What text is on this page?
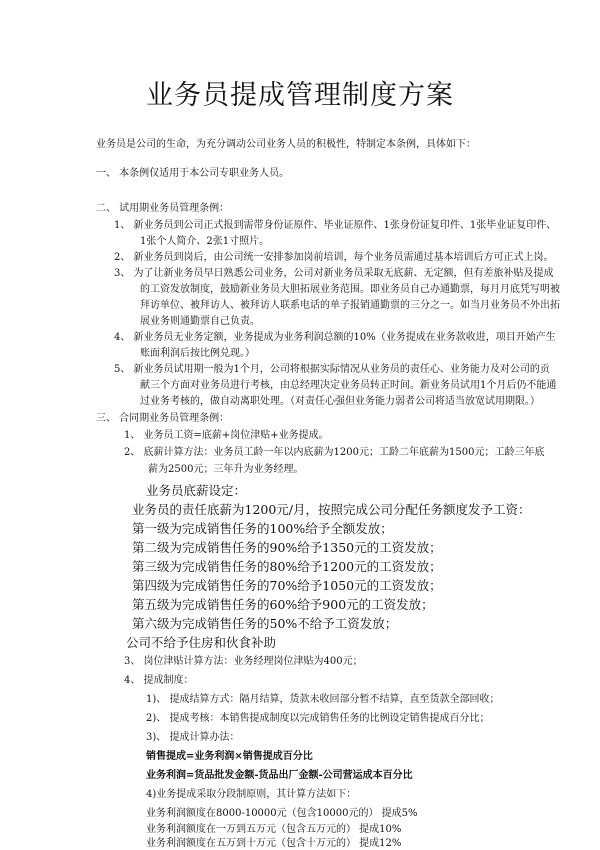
业务员提成管理制度方案
业务员是公司的生命，为充分调动公司业务人员的积极性，特制定本条例，具体如下：
一、 本条例仅适用于本公司专职业务人员。
二、 试用期业务员管理条例：
1、 新业务员到公司正式报到需带身份证原件、毕业证原件、1张身份证复印件、1张毕业证复印件、
1张个人简介、2张1寸照片。
2、 新业务员到岗后，由公司统一安排参加岗前培训，每个业务员需通过基本培训后方可正式上岗。
3、 为了让新业务员早日熟悉公司业务，公司对新业务员采取无底薪、无定额，但有差旅补贴及提成
的工资发放制度，鼓励新业务员大胆拓展业务范围。即业务员自己办通勤票，每月月底凭写明被
拜访单位、被拜访人、被拜访人联系电话的单子报销通勤票的三分之一。如当月业务员不外出拓
展业务则通勤票自己负责。
4、 新业务员无业务定额，业务提成为业务利润总额的10%（业务提成在业务款收进，项目开始产生
账面利润后按比例兑现。）
5、 新业务员试用期一般为1个月，公司将根据实际情况从业务员的责任心、业务能力及对公司的贡
献三个方面对业务员进行考核，由总经理决定业务员转正时间。新业务员试用1个月后仍不能通
过业务考核的，做自动离职处理。（对责任心强但业务能力弱者公司将适当放宽试用期限。）
三、 合同期业务员管理条例：
1、 业务员工资=底薪+岗位津贴+业务提成。
2、 底薪计算方法：业务员工龄一年以内底薪为1200元；工龄二年底薪为1500元；工龄三年底
薪为2500元；三年升为业务经理。
业务员底薪设定：
业务员的责任底薪为1200元/月，按照完成公司分配任务额度发予工资：
第一级为完成销售任务的100%给予全额发放；
第二级为完成销售任务的90%给予1350元的工资发放；
第三级为完成销售任务的80%给予1200元的工资发放；
第四级为完成销售任务的70%给予1050元的工资发放；
第五级为完成销售任务的60%给予900元的工资发放；
第六级为完成销售任务的50%不给予工资发放；
公司不给予住房和伙食补助
3、 岗位津贴计算方法：业务经理岗位津贴为400元；
4、 提成制度：
1)、 提成结算方式：隔月结算，货款未收回部分暂不结算，直至货款全部回收；
2)、 提成考核：本销售提成制度以完成销售任务的比例设定销售提成百分比；
3)、 提成计算办法：
销售提成=业务利润×销售提成百分比
业务利润=货品批发金额-货品出厂金额-公司营运成本百分比
4)业务提成采取分段制原则，其计算方法如下：
业务利润额度在8000-10000元（包含10000元的） 提成5%
业务利润额度在一万到五万元（包含五万元的） 提成10%
业务利润额度在五万到十万元（包含十万元的） 提成12%
